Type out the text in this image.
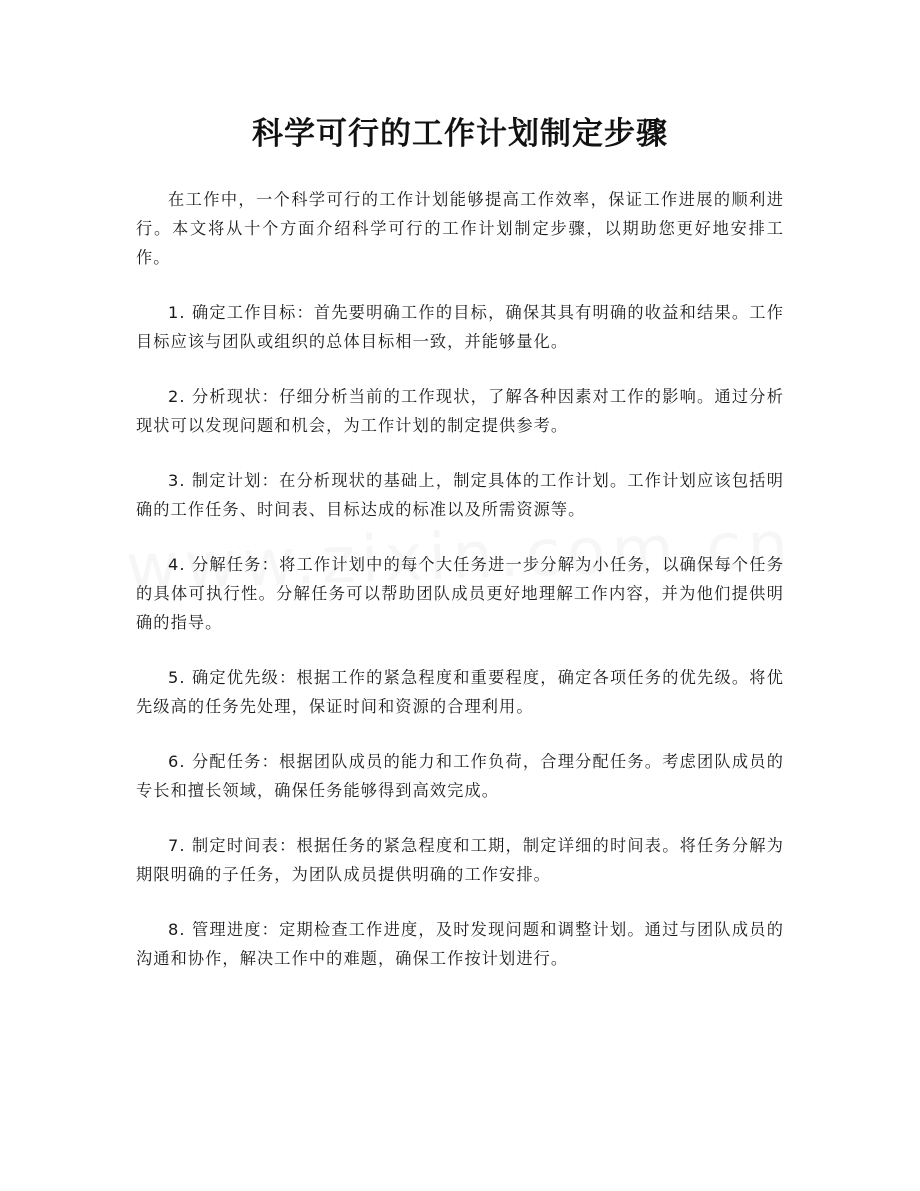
科学可行的工作计划制定步骤

在工作中，一个科学可行的工作计划能够提高工作效率，保证工作进展的顺利进行。本文将从十个方面介绍科学可行的工作计划制定步骤，以期助您更好地安排工作。

1. 确定工作目标：首先要明确工作的目标，确保其具有明确的收益和结果。工作目标应该与团队或组织的总体目标相一致，并能够量化。

2. 分析现状：仔细分析当前的工作现状，了解各种因素对工作的影响。通过分析现状可以发现问题和机会，为工作计划的制定提供参考。

3. 制定计划：在分析现状的基础上，制定具体的工作计划。工作计划应该包括明确的工作任务、时间表、目标达成的标准以及所需资源等。

4. 分解任务：将工作计划中的每个大任务进一步分解为小任务，以确保每个任务的具体可执行性。分解任务可以帮助团队成员更好地理解工作内容，并为他们提供明确的指导。

5. 确定优先级：根据工作的紧急程度和重要程度，确定各项任务的优先级。将优先级高的任务先处理，保证时间和资源的合理利用。

6. 分配任务：根据团队成员的能力和工作负荷，合理分配任务。考虑团队成员的专长和擅长领域，确保任务能够得到高效完成。

7. 制定时间表：根据任务的紧急程度和工期，制定详细的时间表。将任务分解为期限明确的子任务，为团队成员提供明确的工作安排。

8. 管理进度：定期检查工作进度，及时发现问题和调整计划。通过与团队成员的沟通和协作，解决工作中的难题，确保工作按计划进行。
